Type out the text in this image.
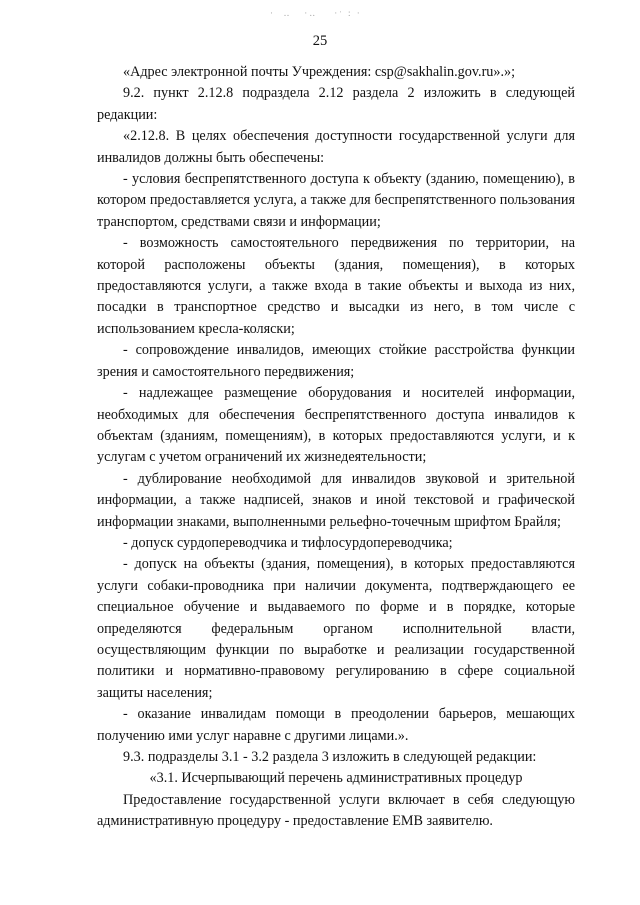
·  ‥   ·‥    ·ˑ : ·
25

«Адрес электронной почты Учреждения: csp@sakhalin.gov.ru».»;

9.2. пункт 2.12.8 подраздела 2.12 раздела 2 изложить в следующей редакции:

«2.12.8. В целях обеспечения доступности государственной услуги для инвалидов должны быть обеспечены:

- условия беспрепятственного доступа к объекту (зданию, помещению), в котором предоставляется услуга, а также для беспрепятственного пользования транспортом, средствами связи и информации;

- возможность самостоятельного передвижения по территории, на которой расположены объекты (здания, помещения), в которых предоставляются услуги, а также входа в такие объекты и выхода из них, посадки в транспортное средство и высадки из него, в том числе с использованием кресла-коляски;

- сопровождение инвалидов, имеющих стойкие расстройства функции зрения и самостоятельного передвижения;

- надлежащее размещение оборудования и носителей информации, необходимых для обеспечения беспрепятственного доступа инвалидов к объектам (зданиям, помещениям), в которых предоставляются услуги, и к услугам с учетом ограничений их жизнедеятельности;

- дублирование необходимой для инвалидов звуковой и зрительной информации, а также надписей, знаков и иной текстовой и графической информации знаками, выполненными рельефно-точечным шрифтом Брайля;

- допуск сурдопереводчика и тифлосурдопереводчика;

- допуск на объекты (здания, помещения), в которых предоставляются услуги собаки-проводника при наличии документа, подтверждающего ее специальное обучение и выдаваемого по форме и в порядке, которые определяются федеральным органом исполнительной власти, осуществляющим функции по выработке и реализации государственной политики и нормативно-правовому регулированию в сфере социальной защиты населения;

- оказание инвалидам помощи в преодолении барьеров, мешающих получению ими услуг наравне с другими лицами.».

9.3. подразделы 3.1 - 3.2 раздела 3 изложить в следующей редакции:

«3.1. Исчерпывающий перечень административных процедур

Предоставление государственной услуги включает в себя следующую административную процедуру - предоставление ЕМВ заявителю.
